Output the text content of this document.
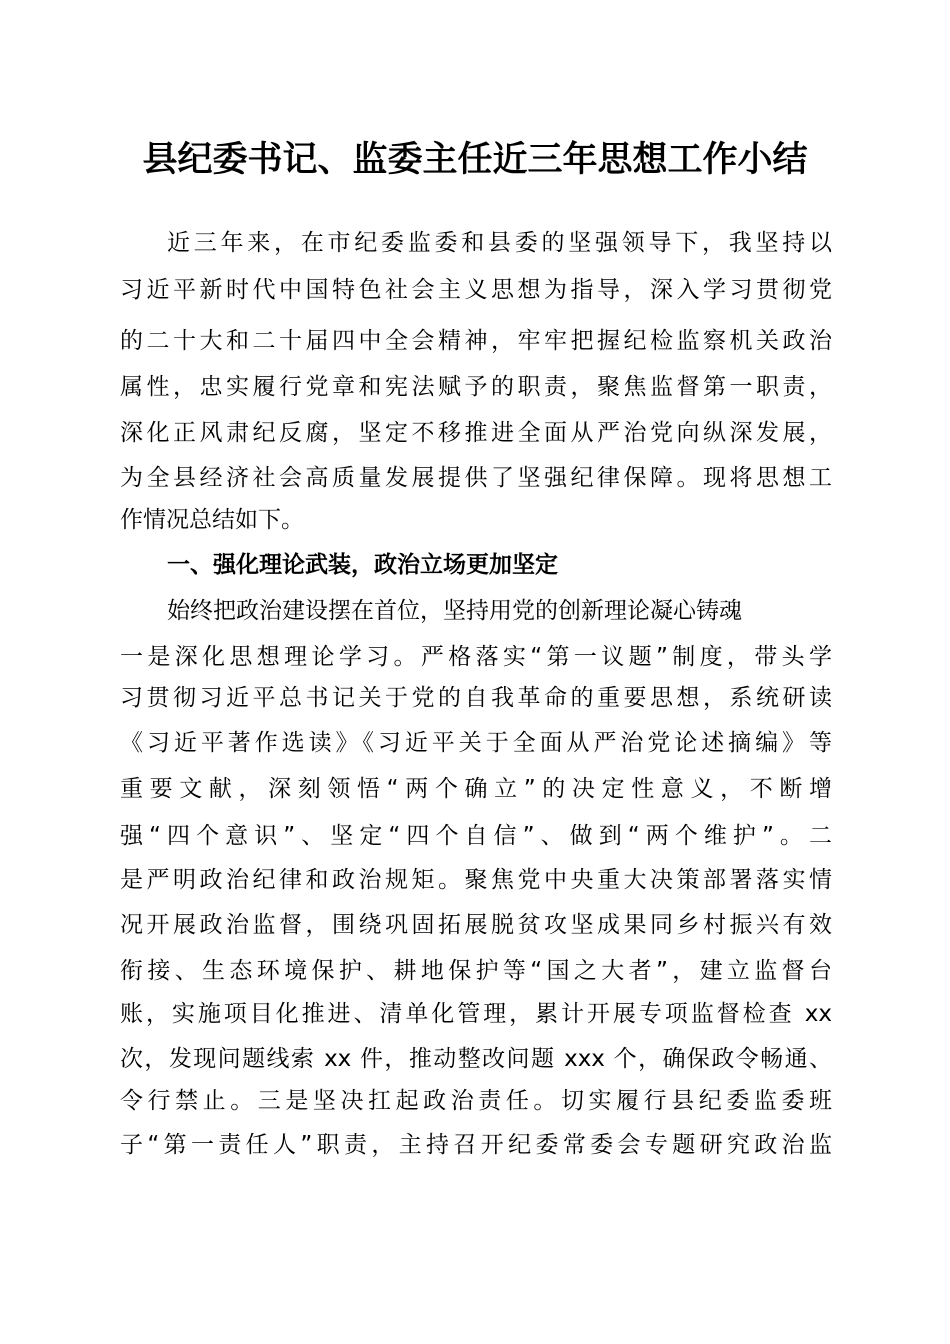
县纪委书记、监委主任近三年思想工作小结
近三年来，在市纪委监委和县委的坚强领导下，我坚持以
习近平新时代中国特色社会主义思想为指导，深入学习贯彻党
的二十大和二十届四中全会精神，牢牢把握纪检监察机关政治
属性，忠实履行党章和宪法赋予的职责，聚焦监督第一职责，
深化正风肃纪反腐，坚定不移推进全面从严治党向纵深发展，
为全县经济社会高质量发展提供了坚强纪律保障。现将思想工
作情况总结如下。
一、强化理论武装，政治立场更加坚定
始终把政治建设摆在首位，坚持用党的创新理论凝心铸魂
一是深化思想理论学习。严格落实“第一议题”制度，带头学
习贯彻习近平总书记关于党的自我革命的重要思想，系统研读
《习近平著作选读》《习近平关于全面从严治党论述摘编》等
重要文献，深刻领悟“两个确立”的决定性意义，不断增
强“四个意识”、坚定“四个自信”、做到“两个维护”。二
是严明政治纪律和政治规矩。聚焦党中央重大决策部署落实情
况开展政治监督，围绕巩固拓展脱贫攻坚成果同乡村振兴有效
衔接、生态环境保护、耕地保护等“国之大者”，建立监督台
账，实施项目化推进、清单化管理，累计开展专项监督检查 xx
次，发现问题线索 xx 件，推动整改问题 xxx 个，确保政令畅通、
令行禁止。三是坚决扛起政治责任。切实履行县纪委监委班
子“第一责任人”职责，主持召开纪委常委会专题研究政治监
